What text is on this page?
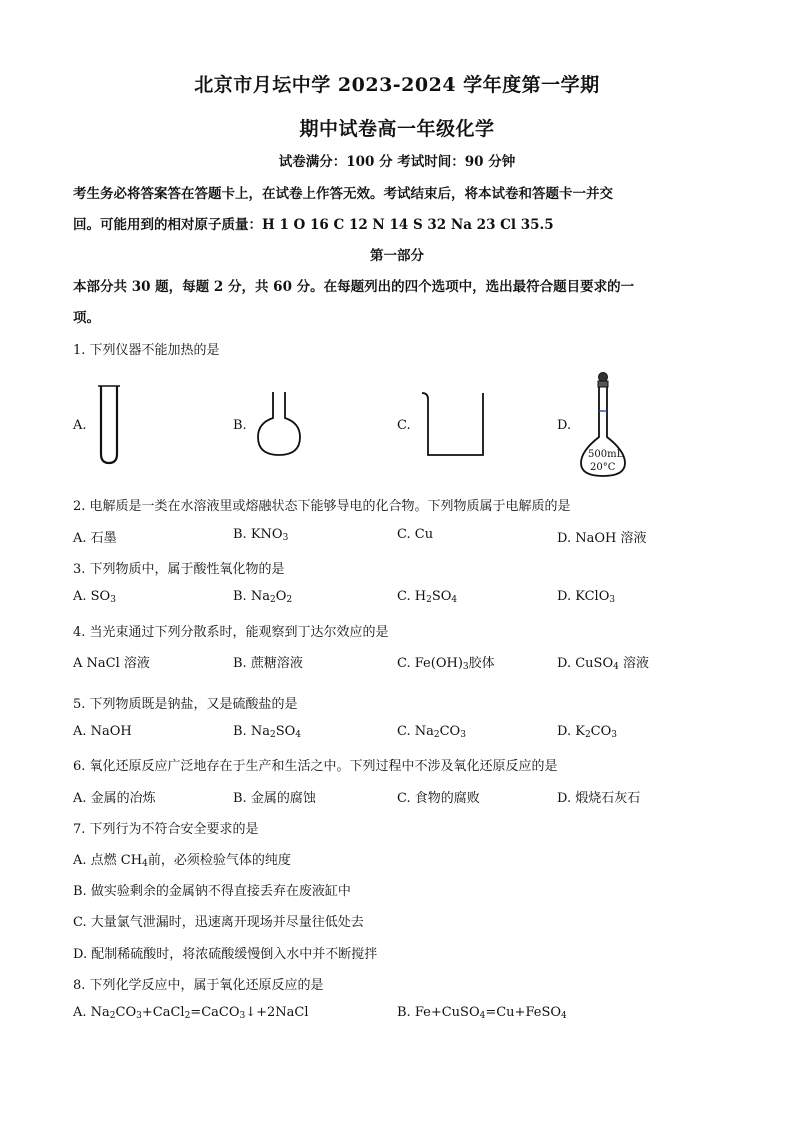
北京市月坛中学 2023-2024 学年度第一学期
期中试卷高一年级化学
试卷满分：100 分 考试时间：90 分钟
考生务必将答案答在答题卡上，在试卷上作答无效。考试结束后，将本试卷和答题卡一并交
回。可能用到的相对原子质量：H 1 O 16 C 12 N 14 S 32 Na 23 Cl 35.5
第一部分
本部分共 30 题，每题 2 分，共 60 分。在每题列出的四个选项中，选出最符合题目要求的一
项。
1. 下列仪器不能加热的是
A.	B.	C.	D.
500mL
20°C
2. 电解质是一类在水溶液里或熔融状态下能够导电的化合物。下列物质属于电解质的是
A. 石墨	B. $KNO_3$	C. Cu	D. NaOH 溶液
3. 下列物质中，属于酸性氧化物的是
A. $SO_3$	B. $Na_2O_2$	C. $H_2SO_4$	D. KClO$_3$
4. 当光束通过下列分散系时，能观察到丁达尔效应的是
A NaCl 溶液	B. 蔗糖溶液	C. $Fe(OH)_3$胶体	D. CuSO$_4$ 溶液
5. 下列物质既是钠盐，又是硫酸盐的是
A. NaOH	B. $Na_2SO_4$	C. $Na_2CO_3$	D. $K_2CO_3$
6. 氧化还原反应广泛地存在于生产和生活之中。下列过程中不涉及氧化还原反应的是
A. 金属的冶炼	B. 金属的腐蚀	C. 食物的腐败	D. 煅烧石灰石
7. 下列行为不符合安全要求的是
A. 点燃 $CH_4$前，必须检验气体的纯度
B. 做实验剩余的金属钠不得直接丢弃在废液缸中
C. 大量氯气泄漏时，迅速离开现场并尽量往低处去
D. 配制稀硫酸时，将浓硫酸缓慢倒入水中并不断搅拌
8. 下列化学反应中，属于氧化还原反应的是
A. $Na_2CO_3+CaCl_2=CaCO_3↓+2NaCl$	B. Fe+CuSO$_4$=Cu+FeSO$_4$
